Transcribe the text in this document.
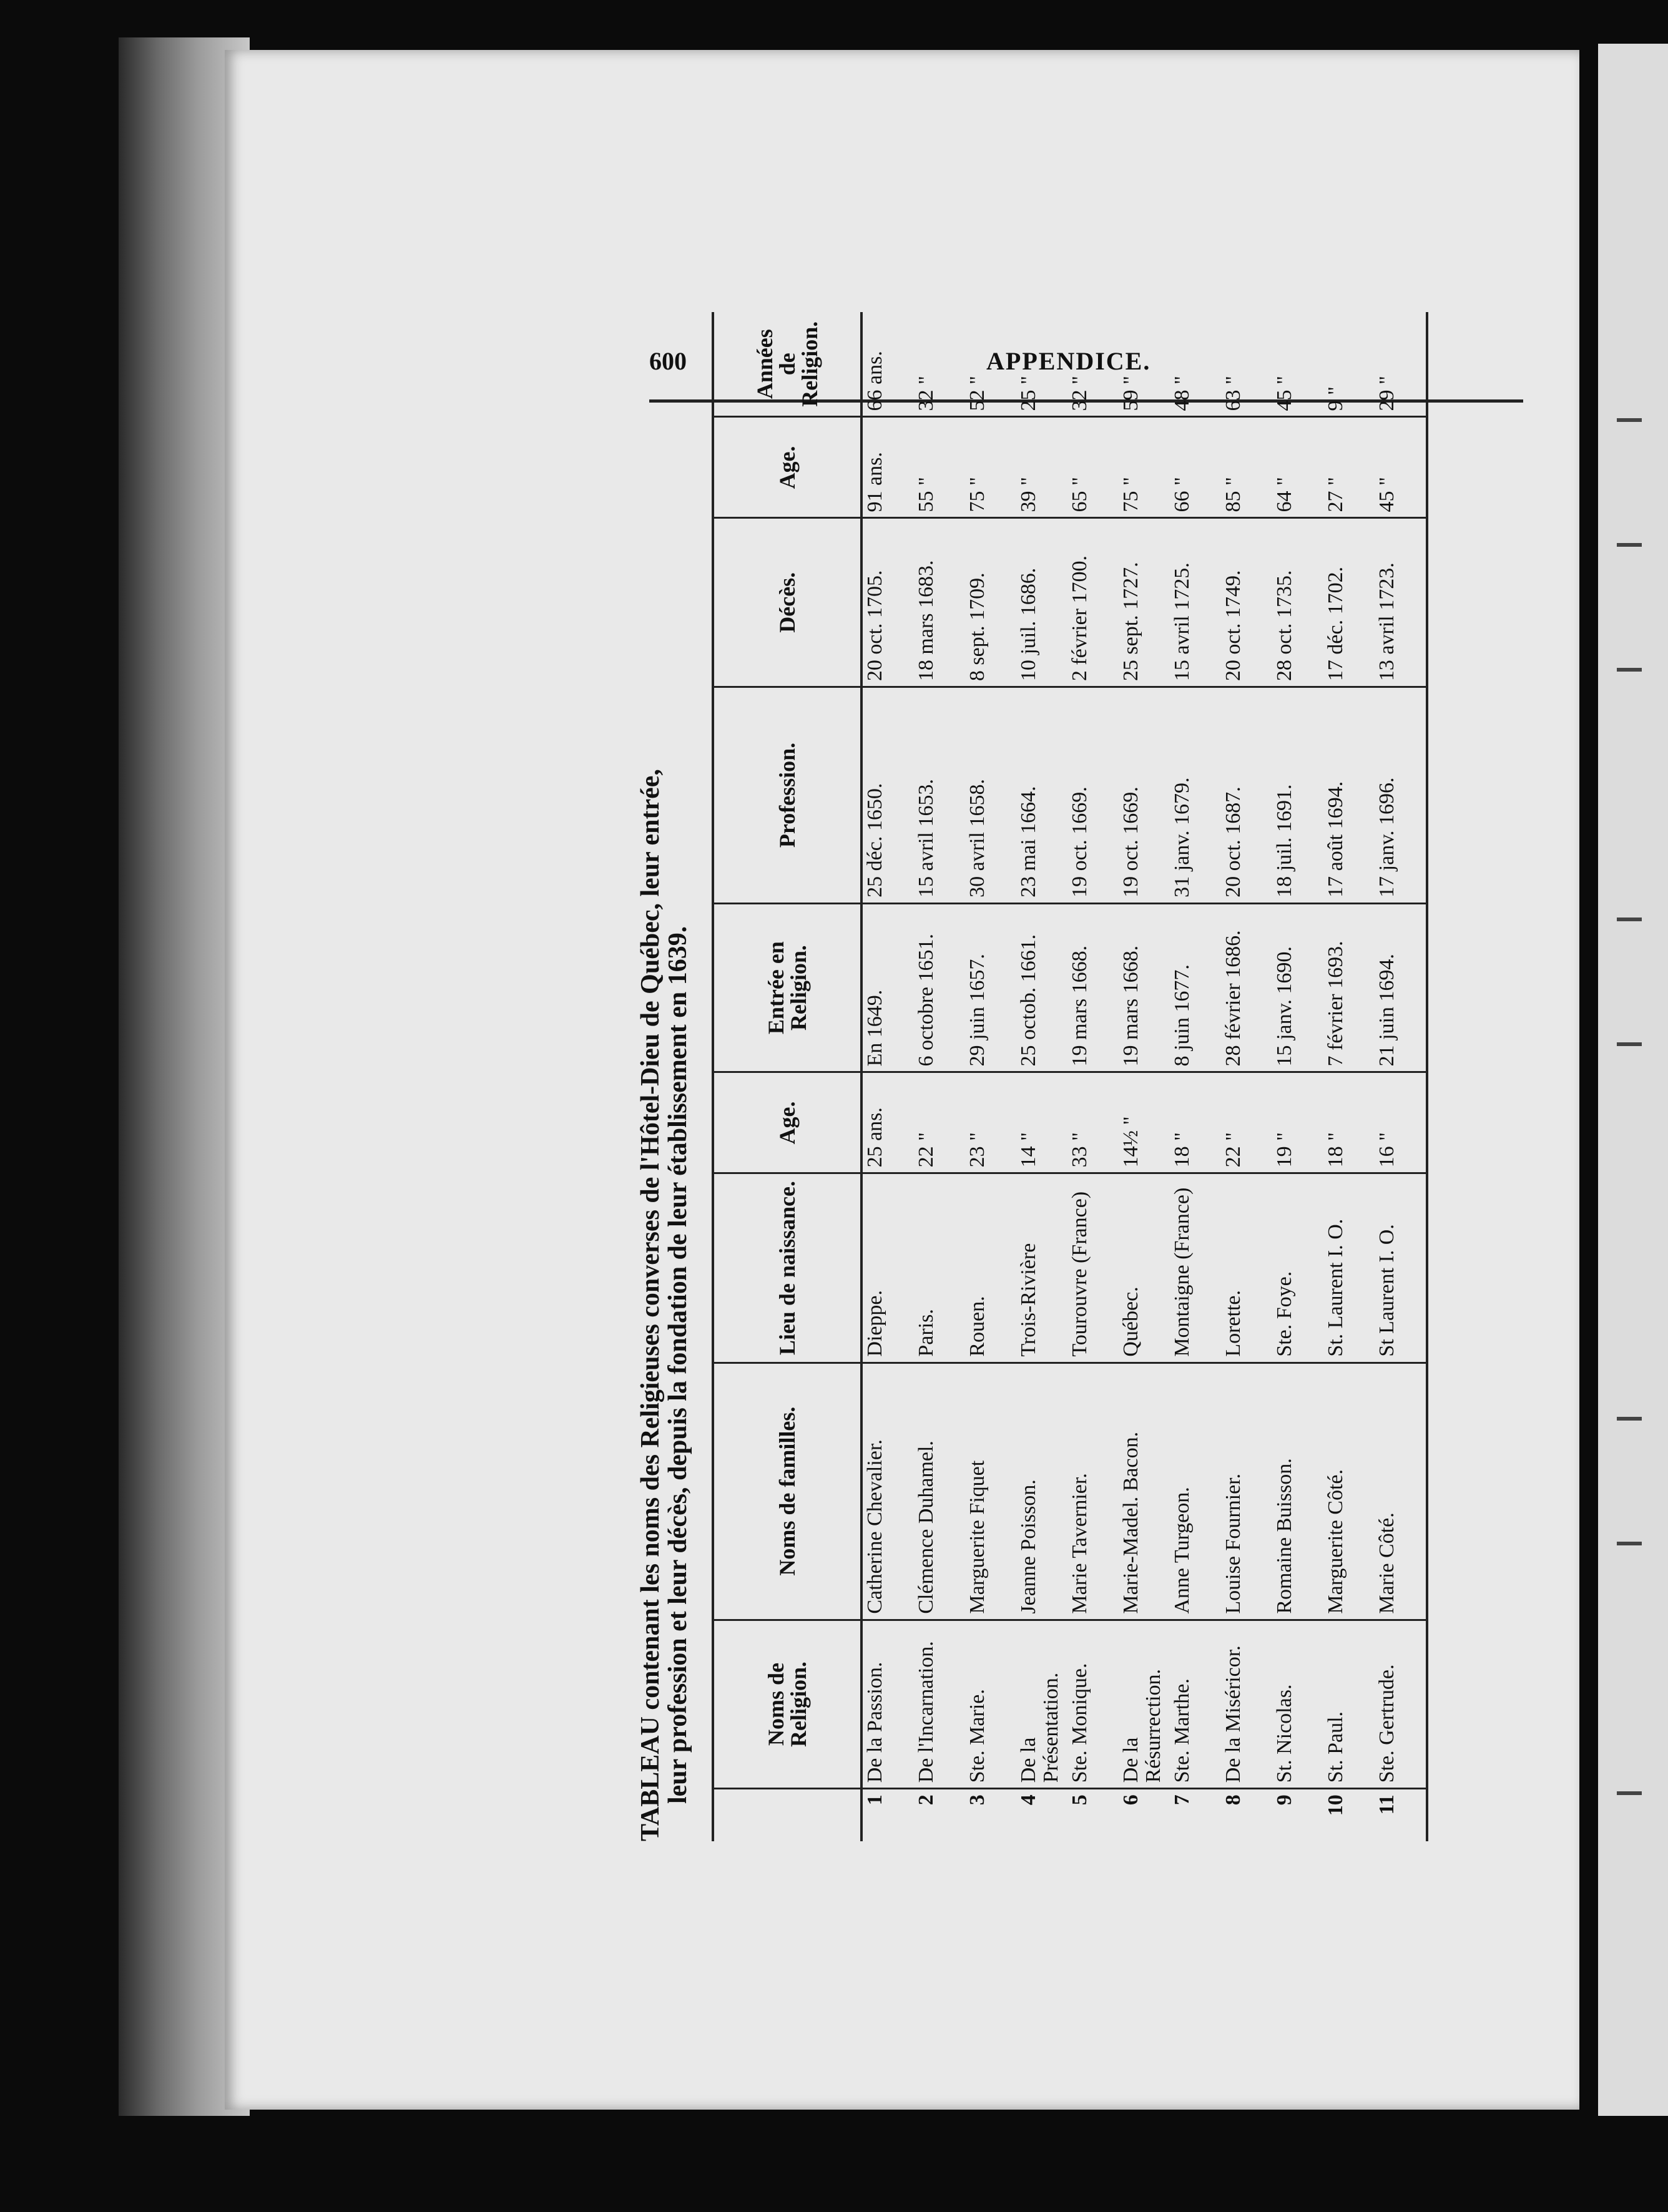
600	APPENDICE.
TABLEAU contenant les noms des Religieuses converses de l'Hôtel-Dieu de Québec, leur entrée,
leur profession et leur décès, depuis la fondation de leur établissement en 1639.
		Noms de Religion.	Noms de familles.	Lieu de naissance.	Age.	Entrée en Religion.	Profession.	Décès.	Age.	Années de Religion.
1	De la Passion.	Catherine Chevalier.	Dieppe.	25 ans.	En 1649.	25 déc. 1650.	20 oct. 1705.	91 ans.	66 ans.
2	De l'Incarnation.	Clémence Duhamel.	Paris.	22 "	6 octobre 1651.	15 avril 1653.	18 mars 1683.	55 "	32 "
3	Ste. Marie.	Marguerite Fiquet	Rouen.	23 "	29 juin 1657.	30 avril 1658.	8 sept. 1709.	75 "	52 "
4	De la Présentation.	Jeanne Poisson.	Trois-Rivière	14 "	25 octob. 1661.	23 mai 1664.	10 juil. 1686.	39 "	25 "
5	Ste. Monique.	Marie Tavernier.	Tourouvre (France)	33 "	19 mars 1668.	19 oct. 1669.	2 février 1700.	65 "	32 "
6	De la Résurrection.	Marie-Madel. Bacon.	Québec.	14½ "	19 mars 1668.	19 oct. 1669.	25 sept. 1727.	75 "	59 "
7	Ste. Marthe.	Anne Turgeon.	Montaigne (France)	18 "	8 juin 1677.	31 janv. 1679.	15 avril 1725.	66 "	48 "
8	De la Miséricor.	Louise Fournier.	Lorette.	22 "	28 février 1686.	20 oct. 1687.	20 oct. 1749.	85 "	63 "
9	St. Nicolas.	Romaine Buisson.	Ste. Foye.	19 "	15 janv. 1690.	18 juil. 1691.	28 oct. 1735.	64 "	45 "
10	St. Paul.	Marguerite Côté.	St. Laurent I. O.	18 "	7 février 1693.	17 août 1694.	17 déc. 1702.	27 "	9 "
11	Ste. Gertrude.	Marie Côté.	St Laurent I. O.	16 "	21 juin 1694.	17 janv. 1696.	13 avril 1723.	45 "	29 "
